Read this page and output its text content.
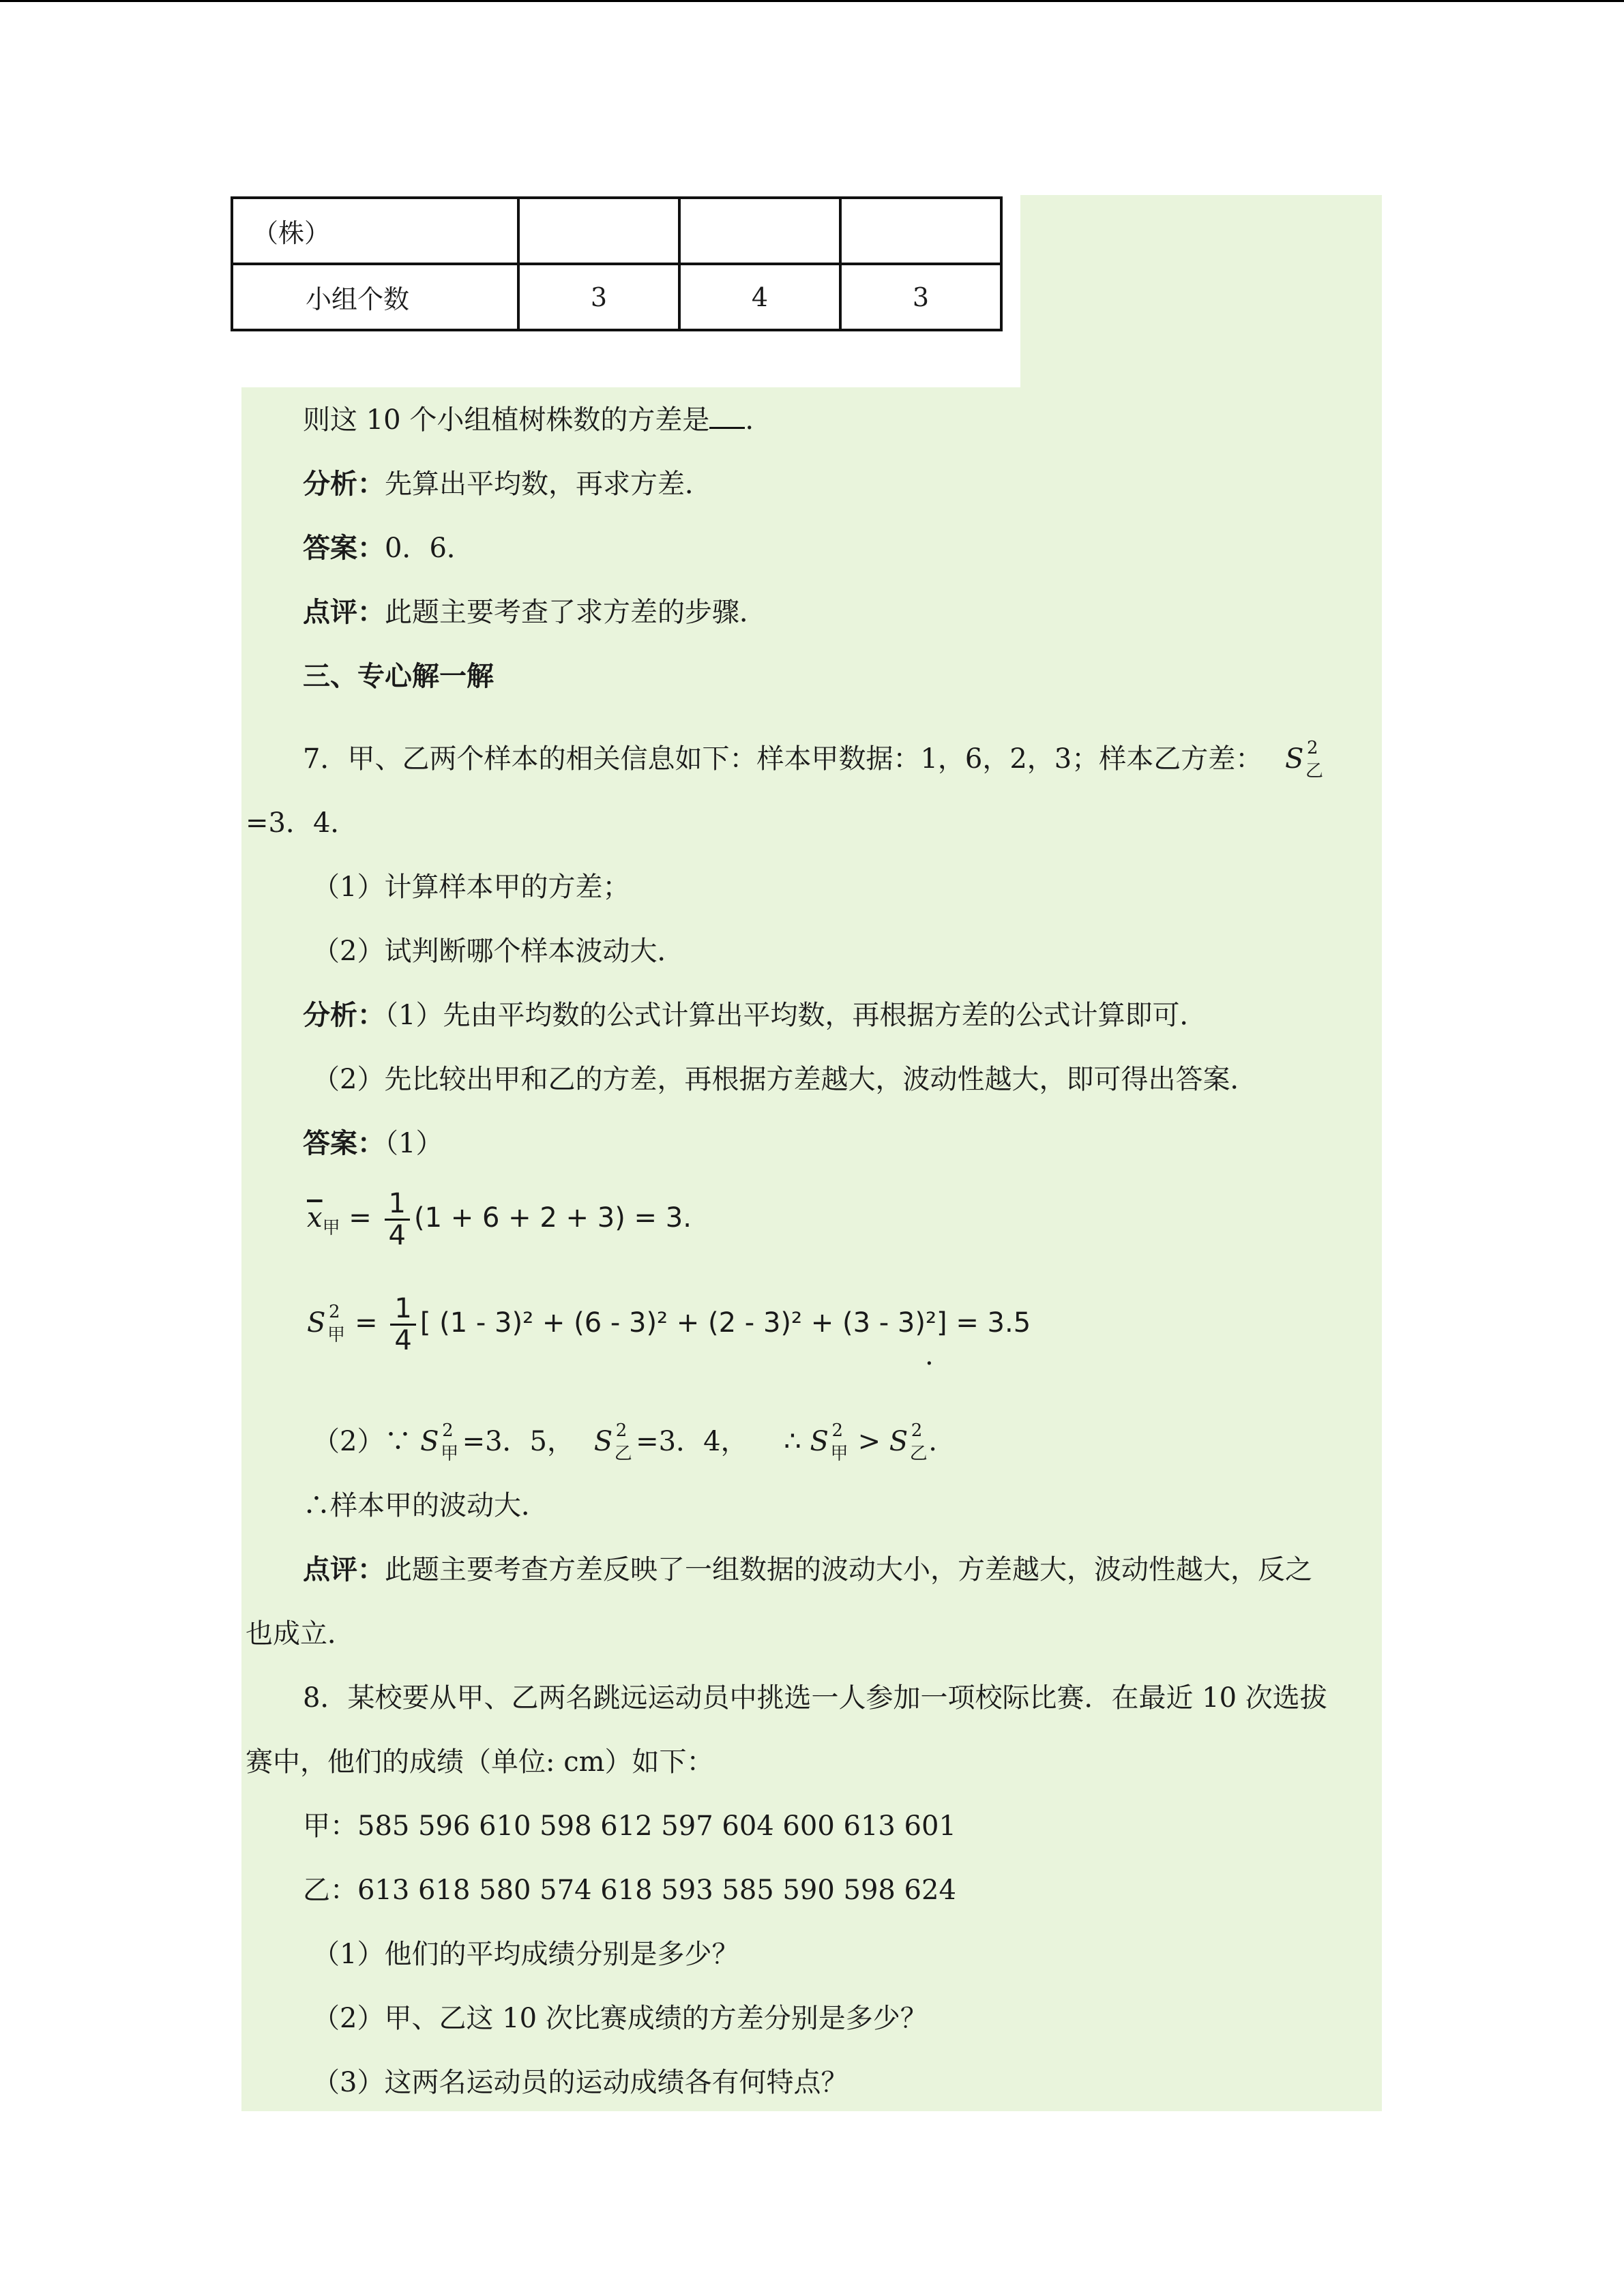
（株）			
小组个数	3	4	3
则这 10 个小组植树株数的方差是 .
分析：先算出平均数，再求方差．
答案：0．6．
点评：此题主要考查了求方差的步骤．
三、专心解一解
7．甲、乙两个样本的相关信息如下：样本甲数据：1，6，2，3；样本乙方差： S 2
乙
=3．4．
（1）计算样本甲的方差；
（2）试判断哪个样本波动大．
分析：（1）先由平均数的公式计算出平均数，再根据方差的公式计算即可．
（2）先比较出甲和乙的方差，再根据方差越大，波动性越大，即可得出答案．
答案：（1）
$\overline{x}_甲 = \frac{1}{4} (1 + 6 + 2 + 3) = 3$.
S 2
甲 = $\frac{1}{4}$ [ (1 - 3)² + (6 - 3)² + (2 - 3)² + (3 - 3)²] = 3.5
.
（2）∵ S 2
甲 =3．5， S 2
乙 =3．4， ∴ S 2
甲 > S 2
乙 .
∴样本甲的波动大．
点评：此题主要考查方差反映了一组数据的波动大小，方差越大，波动性越大，反之
也成立．
8．某校要从甲、乙两名跳远运动员中挑选一人参加一项校际比赛．在最近 10 次选拔
赛中，他们的成绩（单位: cm）如下：
甲：585 596 610 598 612 597 604 600 613 601
乙：613 618 580 574 618 593 585 590 598 624
（1）他们的平均成绩分别是多少？
（2）甲、乙这 10 次比赛成绩的方差分别是多少？
（3）这两名运动员的运动成绩各有何特点？
